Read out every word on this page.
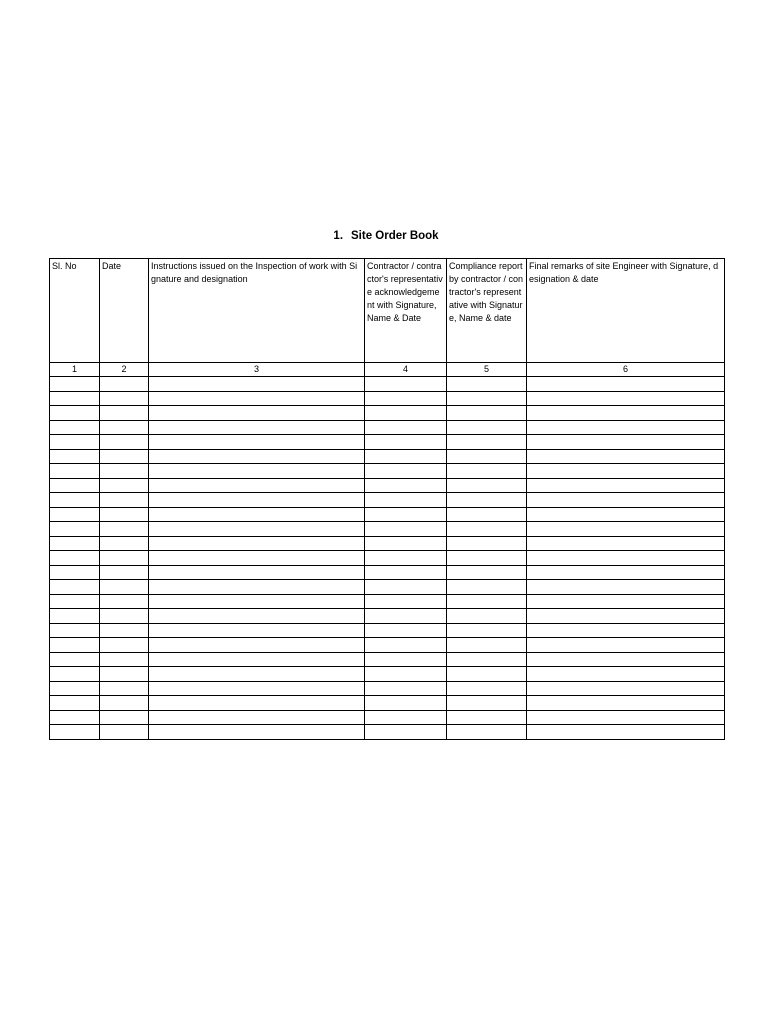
1. Site Order Book
Sl. No	Date	Instructions issued on the Inspection of work with Signature and designation	Contractor / contractor's representative acknowledgement with Signature, Name & Date	Compliance report by contractor / contractor's representative with Signature, Name & date	Final remarks of site Engineer with Signature, designation & date
1	2	3	4	5	6
